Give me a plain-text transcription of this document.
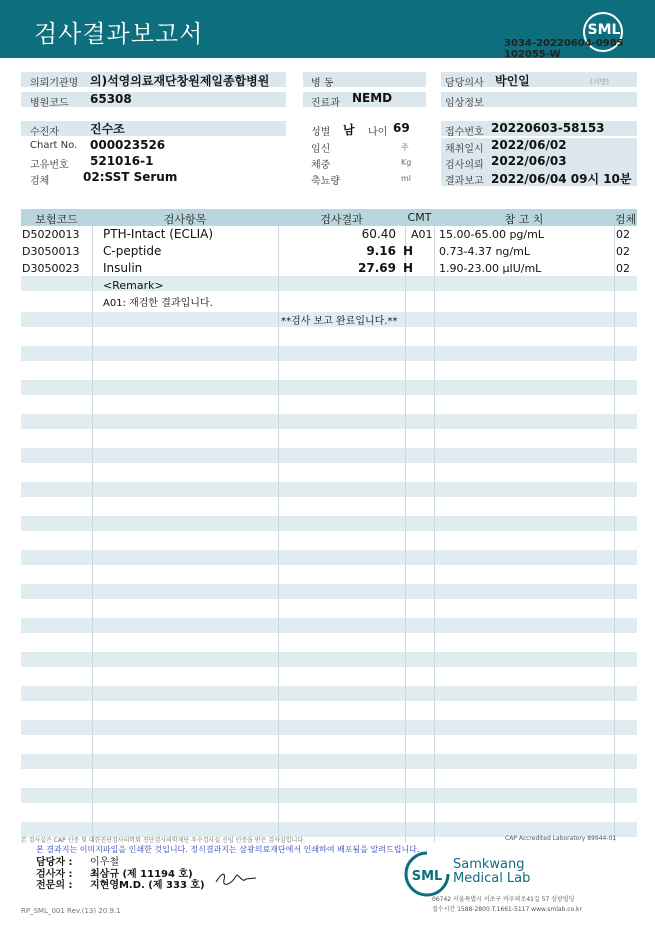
검사결과보고서	SML
3034-20220604-0985
102055-W
의뢰기관명 의)석영의료재단창원제일종합병원	병 동	담당의사 박인일	(서명)
병원코드 65308	진료과 NEMD	임상정보
수진자	진수조	성별 남 나이 69	접수번호 20220603-58153
Chart No. 000023526	임신	주	채취일시 2022/06/02
고유번호 521016-1	체중	Kg	검사의뢰 2022/06/03
검체	02:SST Serum	축뇨량	ml	결과보고 2022/06/04 09시 10분
보험코드	검사항목	검사결과	CMT	참 고 치	검체
D5020013 PTH-Intact (ECLIA)	60.40 A01 15.00-65.00 pg/mL	02
D3050013 C-peptide	9.16 H 0.73-4.37 ng/mL	02
D3050023 Insulin	27.69 H 1.90-23.00 µIU/mL	02
<Remark>
A01: 재검한 결과입니다.
**검사 보고 완료입니다.**
본 검사실은 CAP 인증 및 대한진단검사의학회 진단검사의학재단 우수검사실 신임 인증을 받은 검사실입니다.	CAP Accredited Laboratory 89944-01
본 결과지는 이미지파일을 인쇄한 것입니다. 정식결과지는 삼광의료재단에서 인쇄하여 배포됨을 알려드립니다.
담당자 : 이우철
검사자 : 최삼규 (제 11194 호)
전문의 : 지현영M.D. (제 333 호)
SML
Samkwang
Medical Lab
06742 서울특별시 서초구 바우뫼로41길 57 삼광빌딩
접수시간 1588-2800 T.1661-5117 www.smlab.co.kr
RP_SML_001 Rev.(13) 20.9.1
